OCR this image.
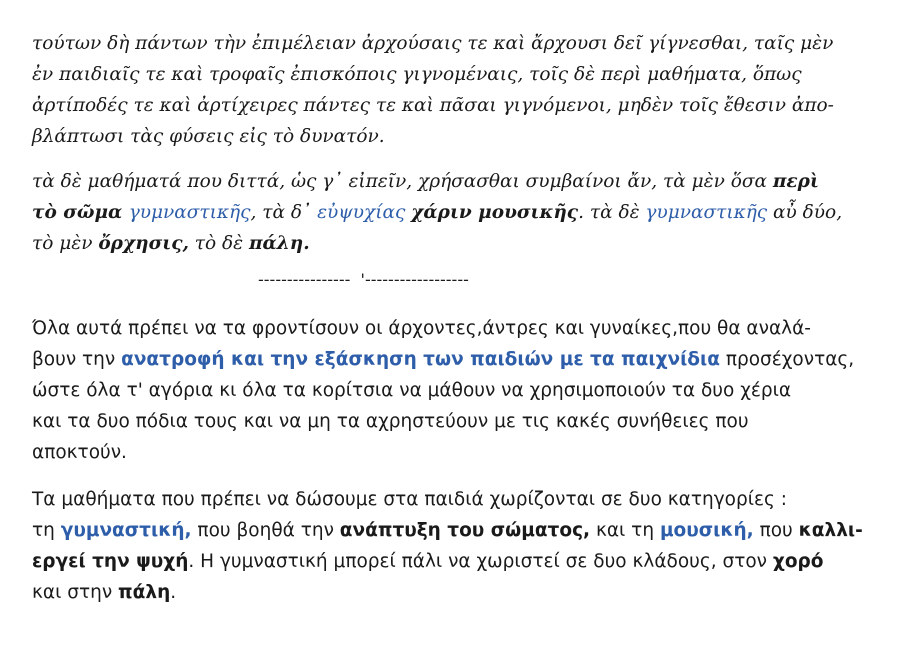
τούτων δὴ πάντων τὴν ἐπιμέλειαν ἀρχούσαις τε καὶ ἄρχουσι δεῖ γίγνεσθαι, ταῖς μὲν
ἐν παιδιαῖς τε καὶ τροφαῖς ἐπισκόποις γιγνομέναις, τοῖς δὲ περὶ μαθήματα, ὅπως
ἀρτίποδές τε καὶ ἀρτίχειρες πάντες τε καὶ πᾶσαι γιγνόμενοι, μηδὲν τοῖς ἔθεσιν ἀπο-
βλάπτωσι τὰς φύσεις εἰς τὸ δυνατόν.

τὰ δὲ μαθήματά που διττά, ὡς γ᾽ εἰπεῖν, χρήσασθαι συμβαίνοι ἄν, τὰ μὲν ὅσα περὶ
τὸ σῶμα γυμναστικῆς, τὰ δ᾽ εὐψυχίας χάριν μουσικῆς. τὰ δὲ γυμναστικῆς αὖ δύο,
τὸ μὲν ὄρχησις, τὸ δὲ πάλη.

----------------  '------------------

Όλα αυτά πρέπει να τα φροντίσουν οι άρχοντες,άντρες και γυναίκες,που θα αναλά-
βουν την ανατροφή και την εξάσκηση των παιδιών με τα παιχνίδια προσέχοντας,
ώστε όλα τ' αγόρια κι όλα τα κορίτσια να μάθουν να χρησιμοποιούν τα δυο χέρια
και τα δυο πόδια τους και να μη τα αχρηστεύουν με τις κακές συνήθειες που
αποκτούν.

Τα μαθήματα που πρέπει να δώσουμε στα παιδιά χωρίζονται σε δυο κατηγορίες :
τη γυμναστική, που βοηθά την ανάπτυξη του σώματος, και τη μουσική, που καλλι-
εργεί την ψυχή. Η γυμναστική μπορεί πάλι να χωριστεί σε δυο κλάδους, στον χορό
και στην πάλη.
